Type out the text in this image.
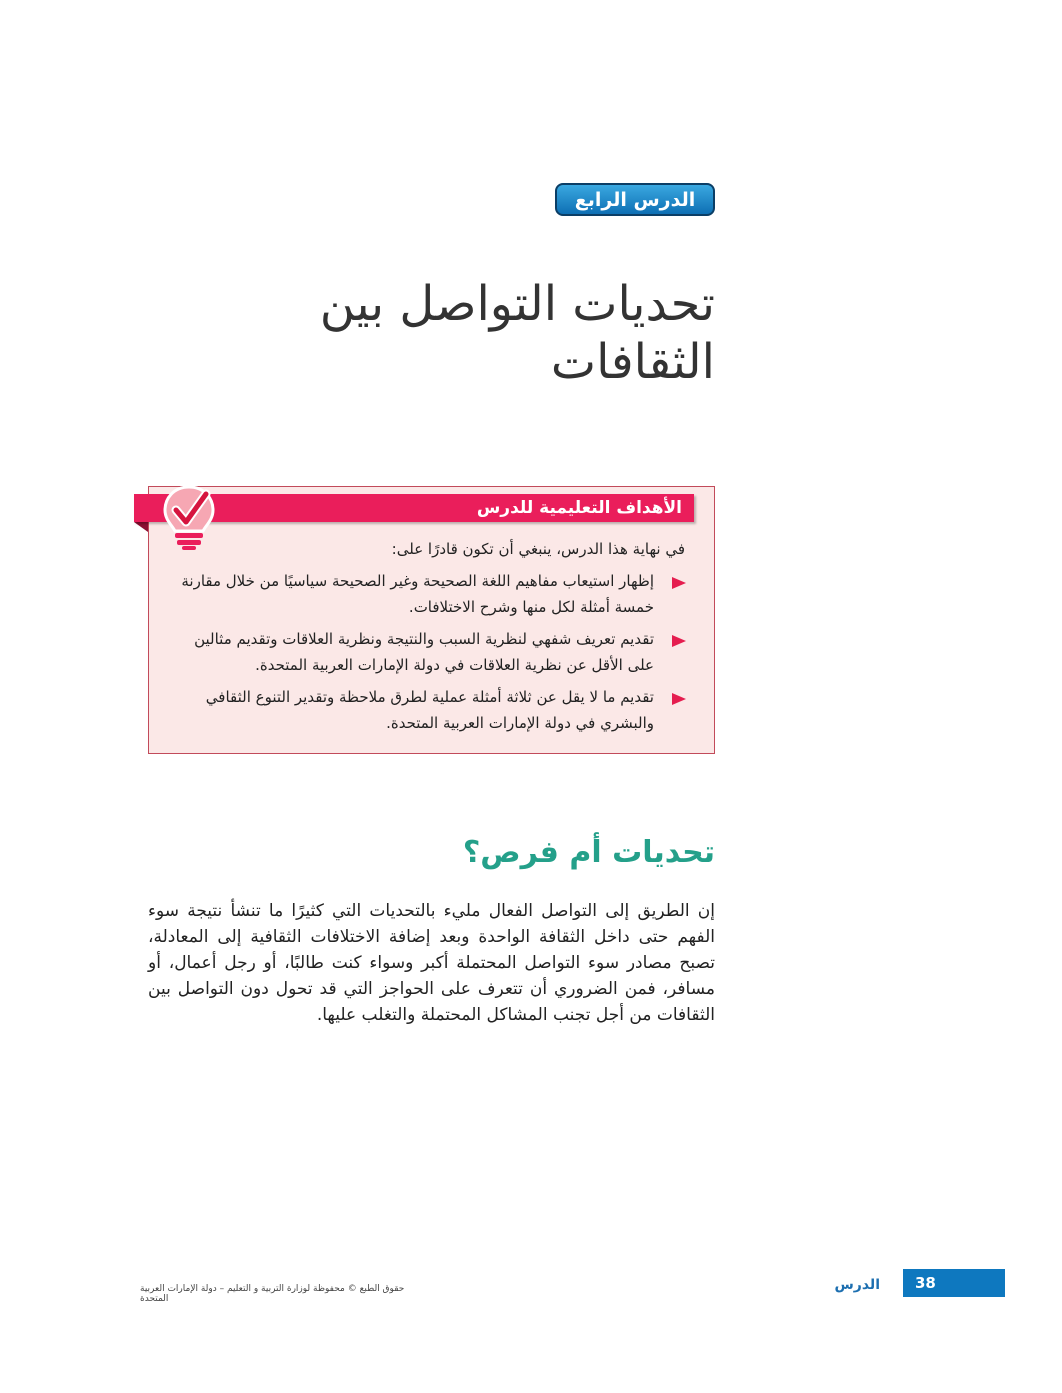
الدرس الرابع
تحديات التواصل بين الثقافات
الأهداف التعليمية للدرس
في نهاية هذا الدرس، ينبغي أن تكون قادرًا على:
إظهار استيعاب مفاهيم اللغة الصحيحة وغير الصحيحة سياسيًا من خلال مقارنة خمسة أمثلة لكل منها وشرح الاختلافات.
تقديم تعريف شفهي لنظرية السبب والنتيجة ونظرية العلاقات وتقديم مثالين على الأقل عن نظرية العلاقات في دولة الإمارات العربية المتحدة.
تقديم ما لا يقل عن ثلاثة أمثلة عملية لطرق ملاحظة وتقدير التنوع الثقافي والبشري في دولة الإمارات العربية المتحدة.
تحديات أم فرص؟

إن الطريق إلى التواصل الفعال مليء بالتحديات التي كثيرًا ما تنشأ نتيجة سوء الفهم حتى داخل الثقافة الواحدة وبعد إضافة الاختلافات الثقافية إلى المعادلة، تصبح مصادر سوء التواصل المحتملة أكبر وسواء كنت طالبًا، أو رجل أعمال، أو مسافر، فمن الضروري أن تتعرف على الحواجز التي قد تحول دون التواصل بين الثقافات من أجل تجنب المشاكل المحتملة والتغلب عليها.

حقوق الطبع © محفوظة لوزارة التربية و التعليم – دولة الإمارات العربية المتحدة
الدرس	38
